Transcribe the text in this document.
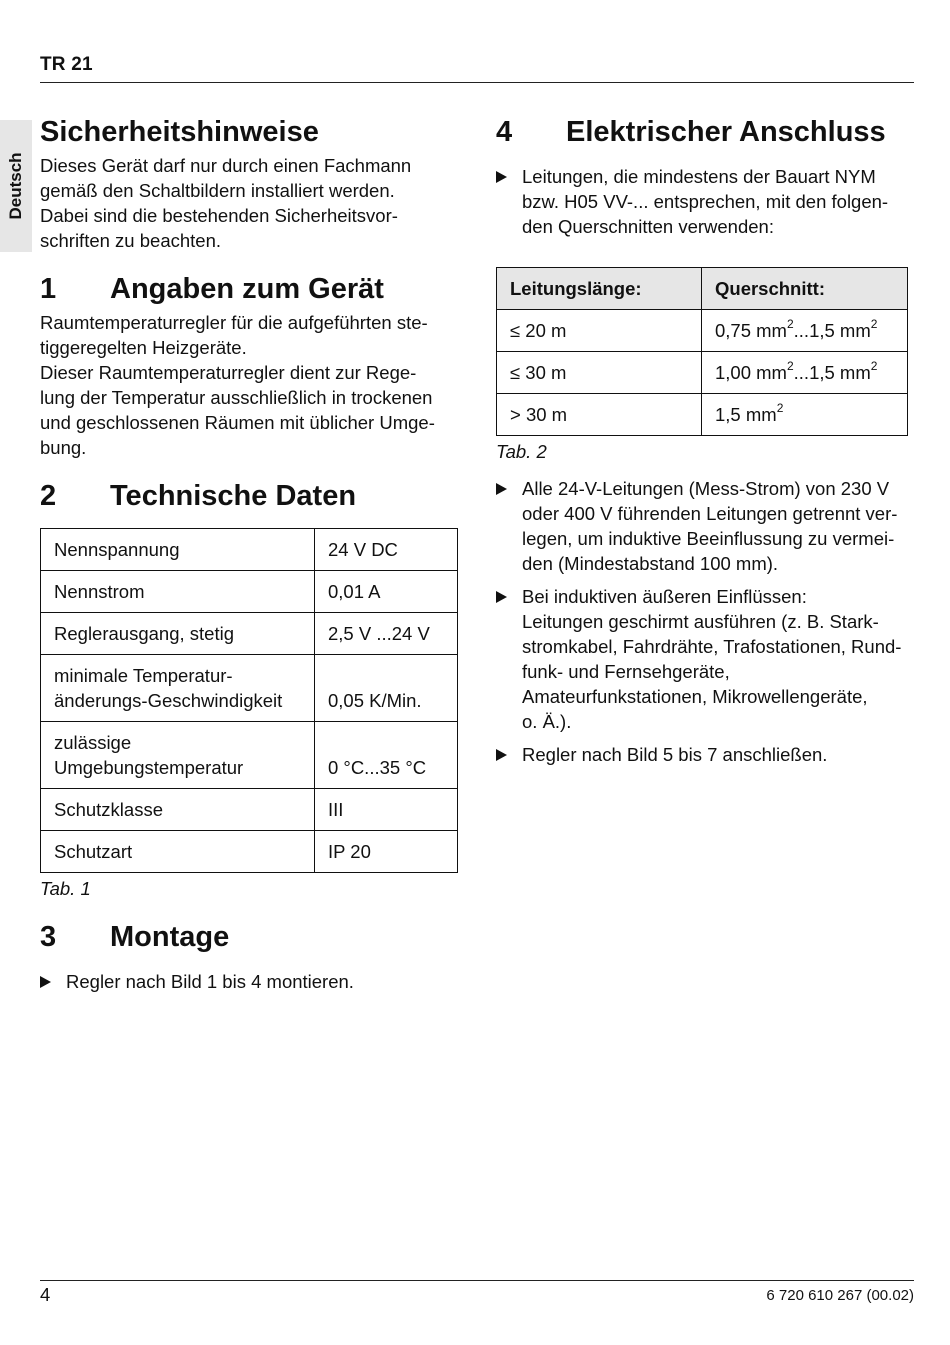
TR 21
Deutsch
Sicherheitshinweise

Dieses Gerät darf nur durch einen Fachmann

gemäß den Schaltbildern installiert werden.

Dabei sind die bestehenden Sicherheitsvor-

schriften zu beachten.

1 Angaben zum Gerät

Raumtemperaturregler für die aufgeführten ste-

tiggeregelten Heizgeräte.

Dieser Raumtemperaturregler dient zur Rege-

lung der Temperatur ausschließlich in trockenen

und geschlossenen Räumen mit üblicher Umge-

bung.

2 Technische Daten
Nennspannung	24 V DC
Nennstrom	0,01 A
Reglerausgang, stetig	2,5 V ...24 V

minimale Temperatur-
änderungs-Geschwindigkeit	0,05 K/Min.

zulässige
Umgebungstemperatur	0 °C...35 °C
Schutzklasse	III
Schutzart	IP 20
Tab. 1
3 Montage

Regler nach Bild 1 bis 4 montieren.

4 Elektrischer Anschluss

Leitungen, die mindestens der Bauart NYM

bzw. H05 VV-... entsprechen, mit den folgen-

den Querschnitten verwenden:

Leitungslänge:	Querschnitt:
≤ 20 m	0,75 $mm^2...1,5$ $mm^2$
≤ 30 m	1,00 $mm^2...1,5$ $mm^2$
> 30 m	1,5 $mm^2$
Tab. 2

Alle 24-V-Leitungen (Mess-Strom) von 230 V

oder 400 V führenden Leitungen getrennt ver-

legen, um induktive Beeinflussung zu vermei-

den (Mindestabstand 100 mm).

Bei induktiven äußeren Einflüssen:

Leitungen geschirmt ausführen (z. B. Stark-

stromkabel, Fahrdrähte, Trafostationen, Rund-

funk- und Fernsehgeräte,

Amateurfunkstationen, Mikrowellengeräte,

o. Ä.).

Regler nach Bild 5 bis 7 anschließen.

4	6 720 610 267 (00.02)
